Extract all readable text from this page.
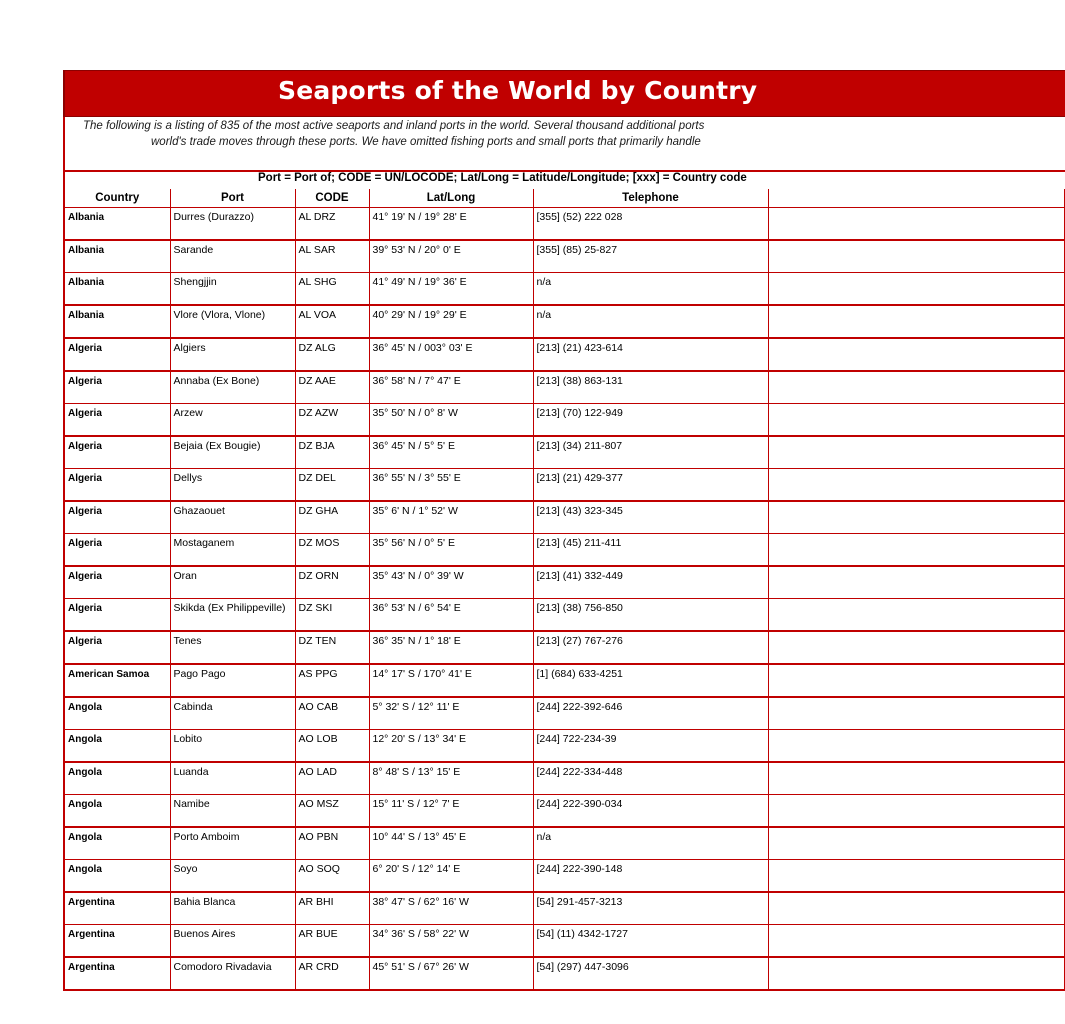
Seaports of the World by Country
The following is a listing of 835 of the most active seaports and inland ports in the world. Several thousand additional ports
world's trade moves through these ports. We have omitted fishing ports and small ports that primarily handle
Port = Port of; CODE = UN/LOCODE; Lat/Long = Latitude/Longitude; [xxx] = Country code
Country	Port	CODE	Lat/Long	Telephone	
Albania	Durres (Durazzo)	AL DRZ	41° 19' N / 19° 28' E	[355] (52) 222 028	
Albania	Sarande	AL SAR	39° 53' N / 20° 0' E	[355] (85) 25-827	
Albania	Shengjjin	AL SHG	41° 49' N / 19° 36' E	n/a	
Albania	Vlore (Vlora, Vlone)	AL VOA	40° 29' N / 19° 29' E	n/a	
Algeria	Algiers	DZ ALG	36° 45' N / 003° 03' E	[213] (21) 423-614	
Algeria	Annaba (Ex Bone)	DZ AAE	36° 58' N / 7° 47' E	[213] (38) 863-131	
Algeria	Arzew	DZ AZW	35° 50' N / 0° 8' W	[213] (70) 122-949	
Algeria	Bejaia (Ex Bougie)	DZ BJA	36° 45' N / 5° 5' E	[213] (34) 211-807	
Algeria	Dellys	DZ DEL	36° 55' N / 3° 55' E	[213] (21) 429-377	
Algeria	Ghazaouet	DZ GHA	35° 6' N / 1° 52' W	[213] (43) 323-345	
Algeria	Mostaganem	DZ MOS	35° 56' N / 0° 5' E	[213] (45) 211-411	
Algeria	Oran	DZ ORN	35° 43' N / 0° 39' W	[213] (41) 332-449	
Algeria	Skikda (Ex Philippeville)	DZ SKI	36° 53' N / 6° 54' E	[213] (38) 756-850	
Algeria	Tenes	DZ TEN	36° 35' N / 1° 18' E	[213] (27) 767-276	
American Samoa	Pago Pago	AS PPG	14° 17' S / 170° 41' E	[1] (684) 633-4251	
Angola	Cabinda	AO CAB	5° 32' S / 12° 11' E	[244] 222-392-646	
Angola	Lobito	AO LOB	12° 20' S / 13° 34' E	[244] 722-234-39	
Angola	Luanda	AO LAD	8° 48' S / 13° 15' E	[244] 222-334-448	
Angola	Namibe	AO MSZ	15° 11' S / 12° 7' E	[244] 222-390-034	
Angola	Porto Amboim	AO PBN	10° 44' S / 13° 45' E	n/a	
Angola	Soyo	AO SOQ	6° 20' S / 12° 14' E	[244] 222-390-148	
Argentina	Bahia Blanca	AR BHI	38° 47' S / 62° 16' W	[54] 291-457-3213	
Argentina	Buenos Aires	AR BUE	34° 36' S / 58° 22' W	[54] (11) 4342-1727	
Argentina	Comodoro Rivadavia	AR CRD	45° 51' S / 67° 26' W	[54] (297) 447-3096	
